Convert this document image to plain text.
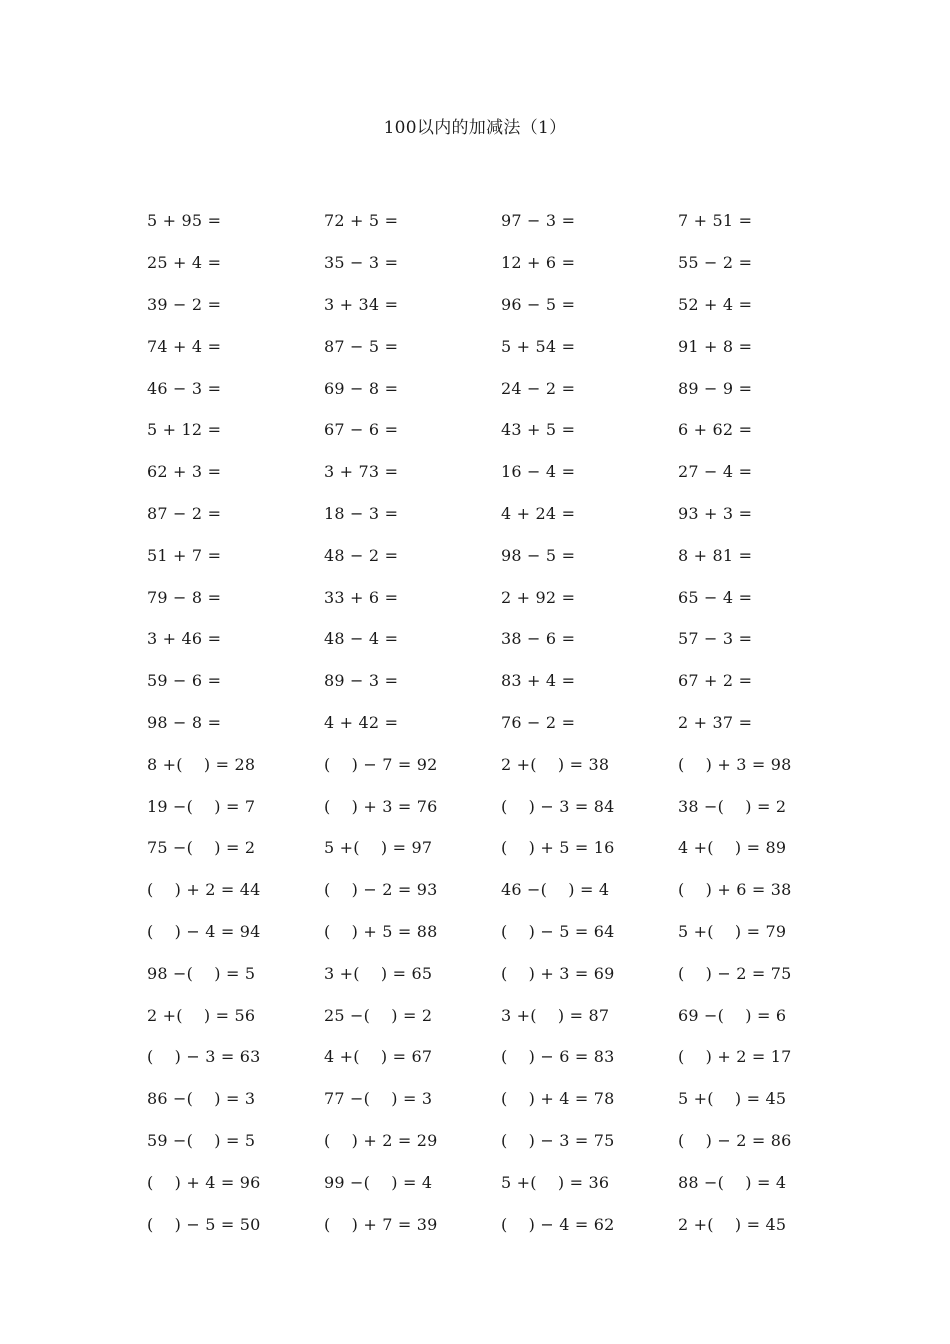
100以内的加减法（1）
5 + 95 =	72 + 5 =	97 − 3 =	7 + 51 =
25 + 4 =	35 − 3 =	12 + 6 =	55 − 2 =
39 − 2 =	3 + 34 =	96 − 5 =	52 + 4 =
74 + 4 =	87 − 5 =	5 + 54 =	91 + 8 =
46 − 3 =	69 − 8 =	24 − 2 =	89 − 9 =
5 + 12 =	67 − 6 =	43 + 5 =	6 + 62 =
62 + 3 =	3 + 73 =	16 − 4 =	27 − 4 =
87 − 2 =	18 − 3 =	4 + 24 =	93 + 3 =
51 + 7 =	48 − 2 =	98 − 5 =	8 + 81 =
79 − 8 =	33 + 6 =	2 + 92 =	65 − 4 =
3 + 46 =	48 − 4 =	38 − 6 =	57 − 3 =
59 − 6 =	89 − 3 =	83 + 4 =	67 + 2 =
98 − 8 =	4 + 42 =	76 − 2 =	2 + 37 =
8 +(    ) = 28	(    ) − 7 = 92	2 +(    ) = 38	(    ) + 3 = 98
19 −(    ) = 7	(    ) + 3 = 76	(    ) − 3 = 84	38 −(    ) = 2
75 −(    ) = 2	5 +(    ) = 97	(    ) + 5 = 16	4 +(    ) = 89
(    ) + 2 = 44	(    ) − 2 = 93	46 −(    ) = 4	(    ) + 6 = 38
(    ) − 4 = 94	(    ) + 5 = 88	(    ) − 5 = 64	5 +(    ) = 79
98 −(    ) = 5	3 +(    ) = 65	(    ) + 3 = 69	(    ) − 2 = 75
2 +(    ) = 56	25 −(    ) = 2	3 +(    ) = 87	69 −(    ) = 6
(    ) − 3 = 63	4 +(    ) = 67	(    ) − 6 = 83	(    ) + 2 = 17
86 −(    ) = 3	77 −(    ) = 3	(    ) + 4 = 78	5 +(    ) = 45
59 −(    ) = 5	(    ) + 2 = 29	(    ) − 3 = 75	(    ) − 2 = 86
(    ) + 4 = 96	99 −(    ) = 4	5 +(    ) = 36	88 −(    ) = 4
(    ) − 5 = 50	(    ) + 7 = 39	(    ) − 4 = 62	2 +(    ) = 45
